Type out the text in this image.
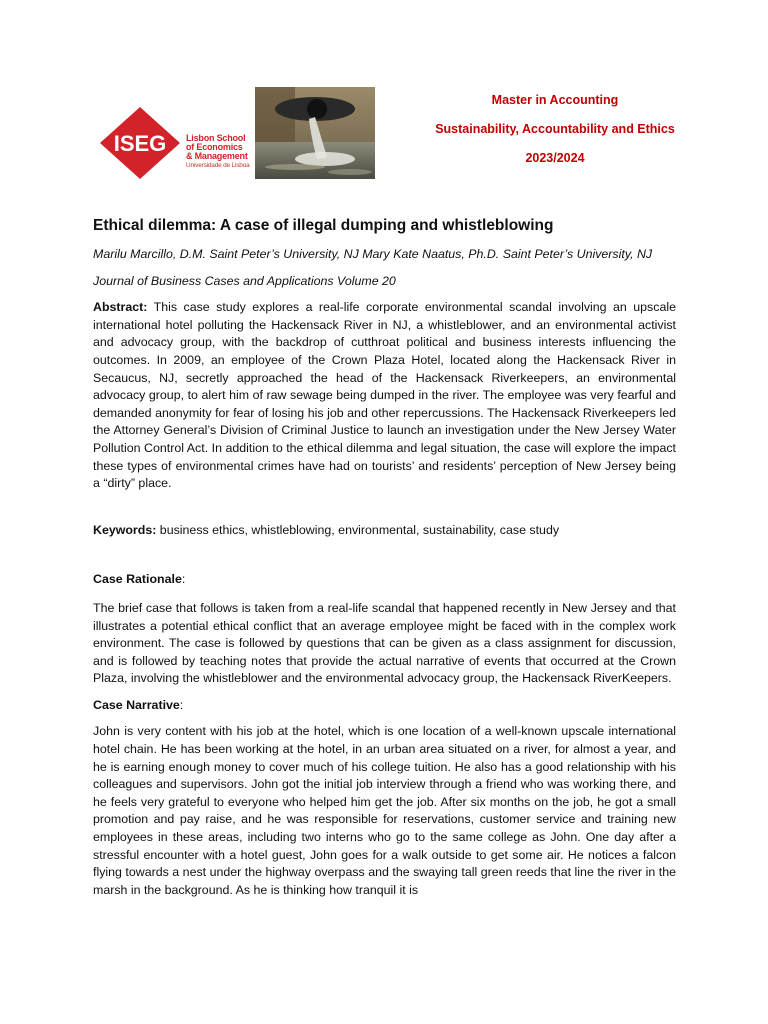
ISEG Lisbon School
of Economics
& Management
Universidade de Lisboa
Master in Accounting
Sustainability, Accountability and Ethics
2023/2024
Ethical dilemma: A case of illegal dumping and whistleblowing
Marilu Marcillo, D.M. Saint Peter’s University, NJ Mary Kate Naatus, Ph.D. Saint Peter’s University, NJ
Journal of Business Cases and Applications Volume 20

Abstract: This case study explores a real-life corporate environmental scandal involving an upscale international hotel polluting the Hackensack River in NJ, a whistleblower, and an environmental activist and advocacy group, with the backdrop of cutthroat political and business interests influencing the outcomes. In 2009, an employee of the Crown Plaza Hotel, located along the Hackensack River in Secaucus, NJ, secretly approached the head of the Hackensack Riverkeepers, an environmental advocacy group, to alert him of raw sewage being dumped in the river. The employee was very fearful and demanded anonymity for fear of losing his job and other repercussions. The Hackensack Riverkeepers led the Attorney General’s Division of Criminal Justice to launch an investigation under the New Jersey Water Pollution Control Act. In addition to the ethical dilemma and legal situation, the case will explore the impact these types of environmental crimes have had on tourists’ and residents’ perception of New Jersey being a “dirty” place.

Keywords: business ethics, whistleblowing, environmental, sustainability, case study

Case Rationale:

The brief case that follows is taken from a real-life scandal that happened recently in New Jersey and that illustrates a potential ethical conflict that an average employee might be faced with in the complex work environment. The case is followed by questions that can be given as a class assignment for discussion, and is followed by teaching notes that provide the actual narrative of events that occurred at the Crown Plaza, involving the whistleblower and the environmental advocacy group, the Hackensack RiverKeepers.

Case Narrative:

John is very content with his job at the hotel, which is one location of a well-known upscale international hotel chain. He has been working at the hotel, in an urban area situated on a river, for almost a year, and he is earning enough money to cover much of his college tuition. He also has a good relationship with his colleagues and supervisors. John got the initial job interview through a friend who was working there, and he feels very grateful to everyone who helped him get the job. After six months on the job, he got a small promotion and pay raise, and he was responsible for reservations, customer service and training new employees in these areas, including two interns who go to the same college as John. One day after a stressful encounter with a hotel guest, John goes for a walk outside to get some air. He notices a falcon flying towards a nest under the highway overpass and the swaying tall green reeds that line the river in the marsh in the background. As he is thinking how tranquil it is
